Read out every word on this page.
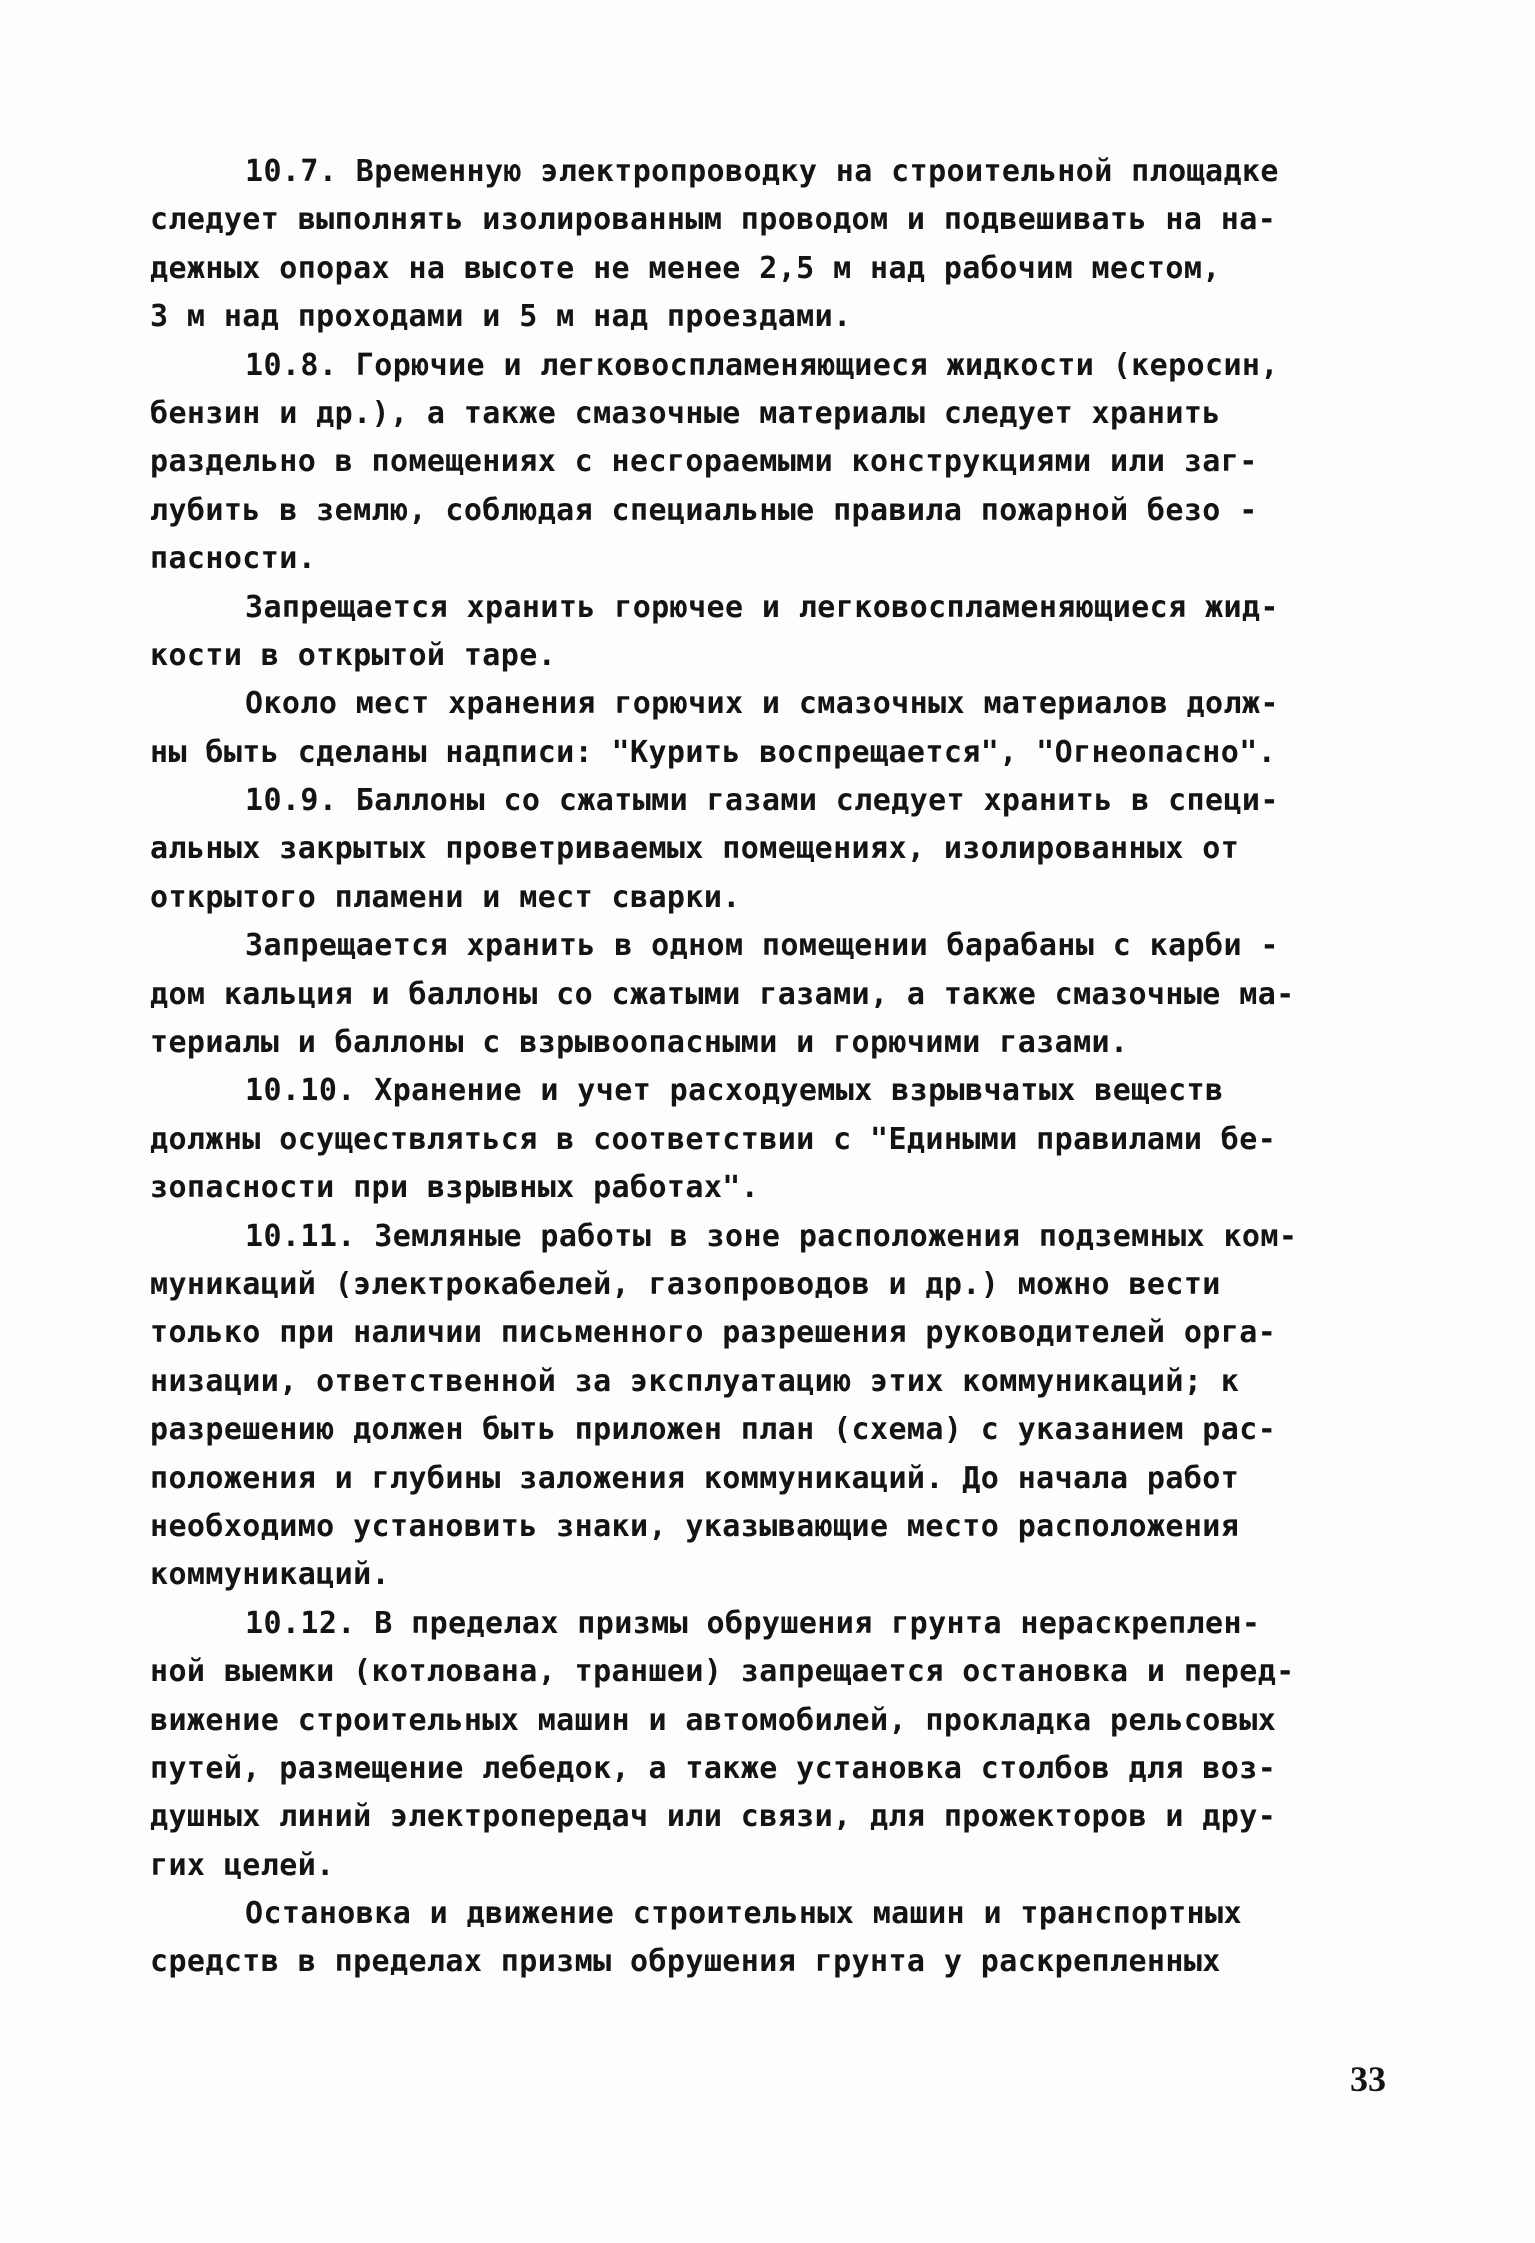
10.7. Временную электропроводку на строительной площадке
следует выполнять изолированным проводом и подвешивать на на-
дежных опорах на высоте не менее 2,5 м над рабочим местом,
3 м над проходами и 5 м над проездами.
10.8. Горючие и легковоспламеняющиеся жидкости (керосин,
бензин и др.), а также смазочные материалы следует хранить
раздельно в помещениях с несгораемыми конструкциями или заг-
лубить в землю, соблюдая специальные правила пожарной безо -
пасности.
Запрещается хранить горючее и легковоспламеняющиеся жид-
кости в открытой таре.
Около мест хранения горючих и смазочных материалов долж-
ны быть сделаны надписи: "Курить воспрещается", "Огнеопасно".
10.9. Баллоны со сжатыми газами следует хранить в специ-
альных закрытых проветриваемых помещениях, изолированных от
открытого пламени и мест сварки.
Запрещается хранить в одном помещении барабаны с карби -
дом кальция и баллоны со сжатыми газами, а также смазочные ма-
териалы и баллоны с взрывоопасными и горючими газами.
10.10. Хранение и учет расходуемых взрывчатых веществ
должны осуществляться в соответствии с "Едиными правилами бе-
зопасности при взрывных работах".
10.11. Земляные работы в зоне расположения подземных ком-
муникаций (электрокабелей, газопроводов и др.) можно вести
только при наличии письменного разрешения руководителей орга-
низации, ответственной за эксплуатацию этих коммуникаций; к
разрешению должен быть приложен план (схема) с указанием рас-
положения и глубины заложения коммуникаций. До начала работ
необходимо установить знаки, указывающие место расположения
коммуникаций.
10.12. В пределах призмы обрушения грунта нераскреплен-
ной выемки (котлована, траншеи) запрещается остановка и перед-
вижение строительных машин и автомобилей, прокладка рельсовых
путей, размещение лебедок, а также установка столбов для воз-
душных линий электропередач или связи, для прожекторов и дру-
гих целей.
Остановка и движение строительных машин и транспортных
средств в пределах призмы обрушения грунта у раскрепленных
33
